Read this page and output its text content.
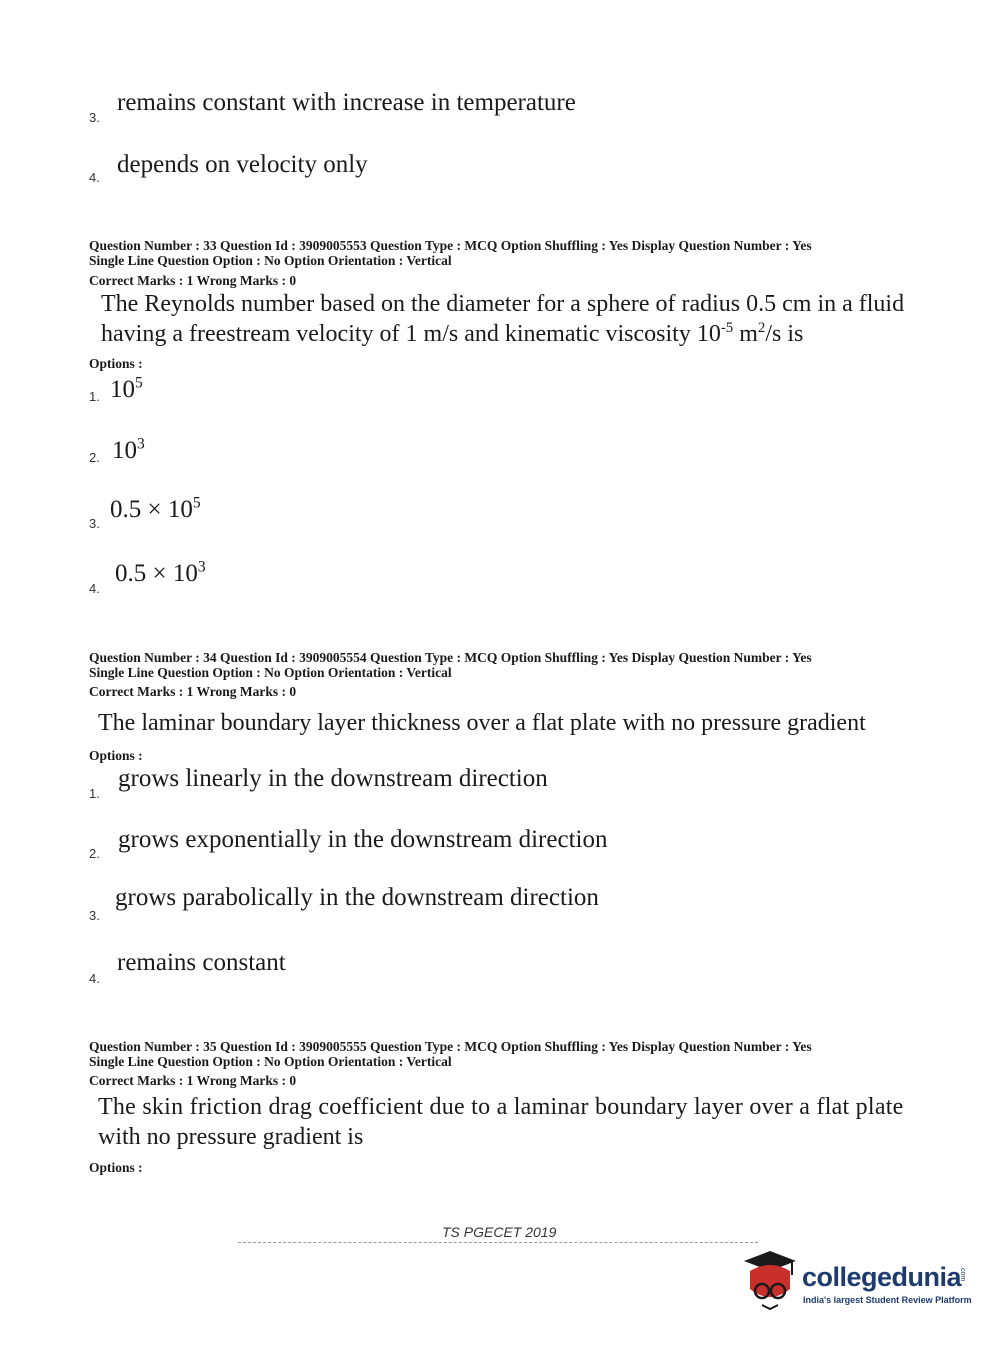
3.
remains constant with increase in temperature
4. depends on velocity only
Question Number : 33 Question Id : 3909005553 Question Type : MCQ Option Shuffling : Yes Display Question Number : Yes
Single Line Question Option : No Option Orientation : Vertical
Correct Marks : 1 Wrong Marks : 0
The Reynolds number based on the diameter for a sphere of radius 0.5 cm in a fluid
having a freestream velocity of 1 m/s and kinematic viscosity $10^{-5}$ $m^2/s$ is
Options :
1. $10^5$
2. $10^3$
3.
$0.5 \times 10^5$
4.
$0.5 \times 10^3$
Question Number : 34 Question Id : 3909005554 Question Type : MCQ Option Shuffling : Yes Display Question Number : Yes
Single Line Question Option : No Option Orientation : Vertical
Correct Marks : 1 Wrong Marks : 0
The laminar boundary layer thickness over a flat plate with no pressure gradient
Options :
1.
grows linearly in the downstream direction
2.
grows exponentially in the downstream direction
3.
grows parabolically in the downstream direction
4.
remains constant
Question Number : 35 Question Id : 3909005555 Question Type : MCQ Option Shuffling : Yes Display Question Number : Yes
Single Line Question Option : No Option Orientation : Vertical
Correct Marks : 1 Wrong Marks : 0
The skin friction drag coefficient due to a laminar boundary layer over a flat plate
with no pressure gradient is
Options :
TS PGECET 2019
collegedunia
.com
India's largest Student Review Platform
